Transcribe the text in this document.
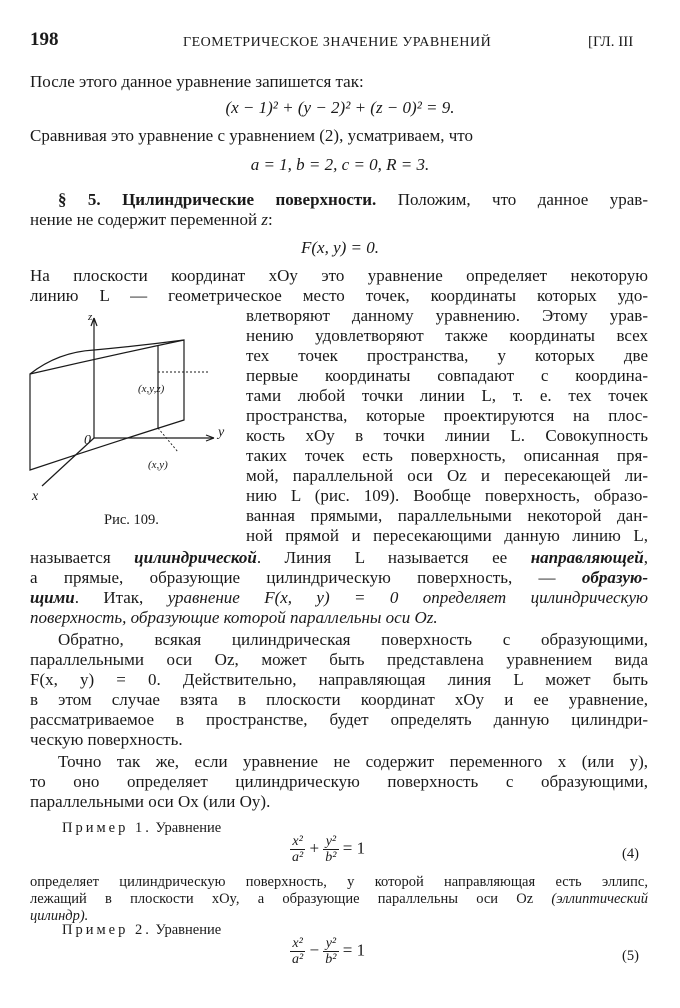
198	ГЕОМЕТРИЧЕСКОЕ ЗНАЧЕНИЕ УРАВНЕНИЙ	[ГЛ. III
После этого данное уравнение запишется так:
(x − 1)² + (y − 2)² + (z − 0)² = 9.
Сравнивая это уравнение с уравнением (2), усматриваем, что
a = 1, b = 2, c = 0, R = 3.
§ 5. Цилиндрические поверхности. Положим, что данное урав-
нение не содержит переменной z:
F(x, y) = 0.
На плоскости координат xOy это уравнение определяет некоторую
линию L — геометрическое место точек, координаты которых удо-
влетворяют данному уравнению. Этому урав-
нению удовлетворяют также координаты всех
тех точек пространства, у которых две
первые координаты совпадают с координа-
тами любой точки линии L, т. е. тех точек
пространства, которые проектируются на плос-
кость xOy в точки линии L. Совокупность
таких точек есть поверхность, описанная пря-
мой, параллельной оси Oz и пересекающей ли-
нию L (рис. 109). Вообще поверхность, образо-
ванная прямыми, параллельными некоторой дан-
ной прямой и пересекающими данную линию L,
z
y
x
0
(x,y,z)
(x,y)
Рис. 109.
называется цилиндрической. Линия L называется ее направляющей,
а прямые, образующие цилиндрическую поверхность, — образую-
щими. Итак, уравнение F(x, y) = 0 определяет цилиндрическую
поверхность, образующие которой параллельны оси Oz.
Обратно, всякая цилиндрическая поверхность с образующими,
параллельными оси Oz, может быть представлена уравнением вида
F(x, y) = 0. Действительно, направляющая линия L может быть
в этом случае взята в плоскости координат xOy и ее уравнение,
рассматриваемое в пространстве, будет определять данную цилиндри-
ческую поверхность.
Точно так же, если уравнение не содержит переменного x (или y),
то оно определяет цилиндрическую поверхность с образующими,
параллельными оси Ox (или Oy).
Пример 1. Уравнение
$\frac{\text{x²}}{\text{a²}} + \frac{\text{y²}}{\text{b²}} = 1$	(4)
определяет цилиндрическую поверхность, у которой направляющая есть эллипс,
лежащий в плоскости xOy, а образующие параллельны оси Oz (эллиптический
цилиндр).
Пример 2. Уравнение
$\frac{\text{x²}}{\text{a²}} - \frac{\text{y²}}{\text{b²}} = 1$	(5)
